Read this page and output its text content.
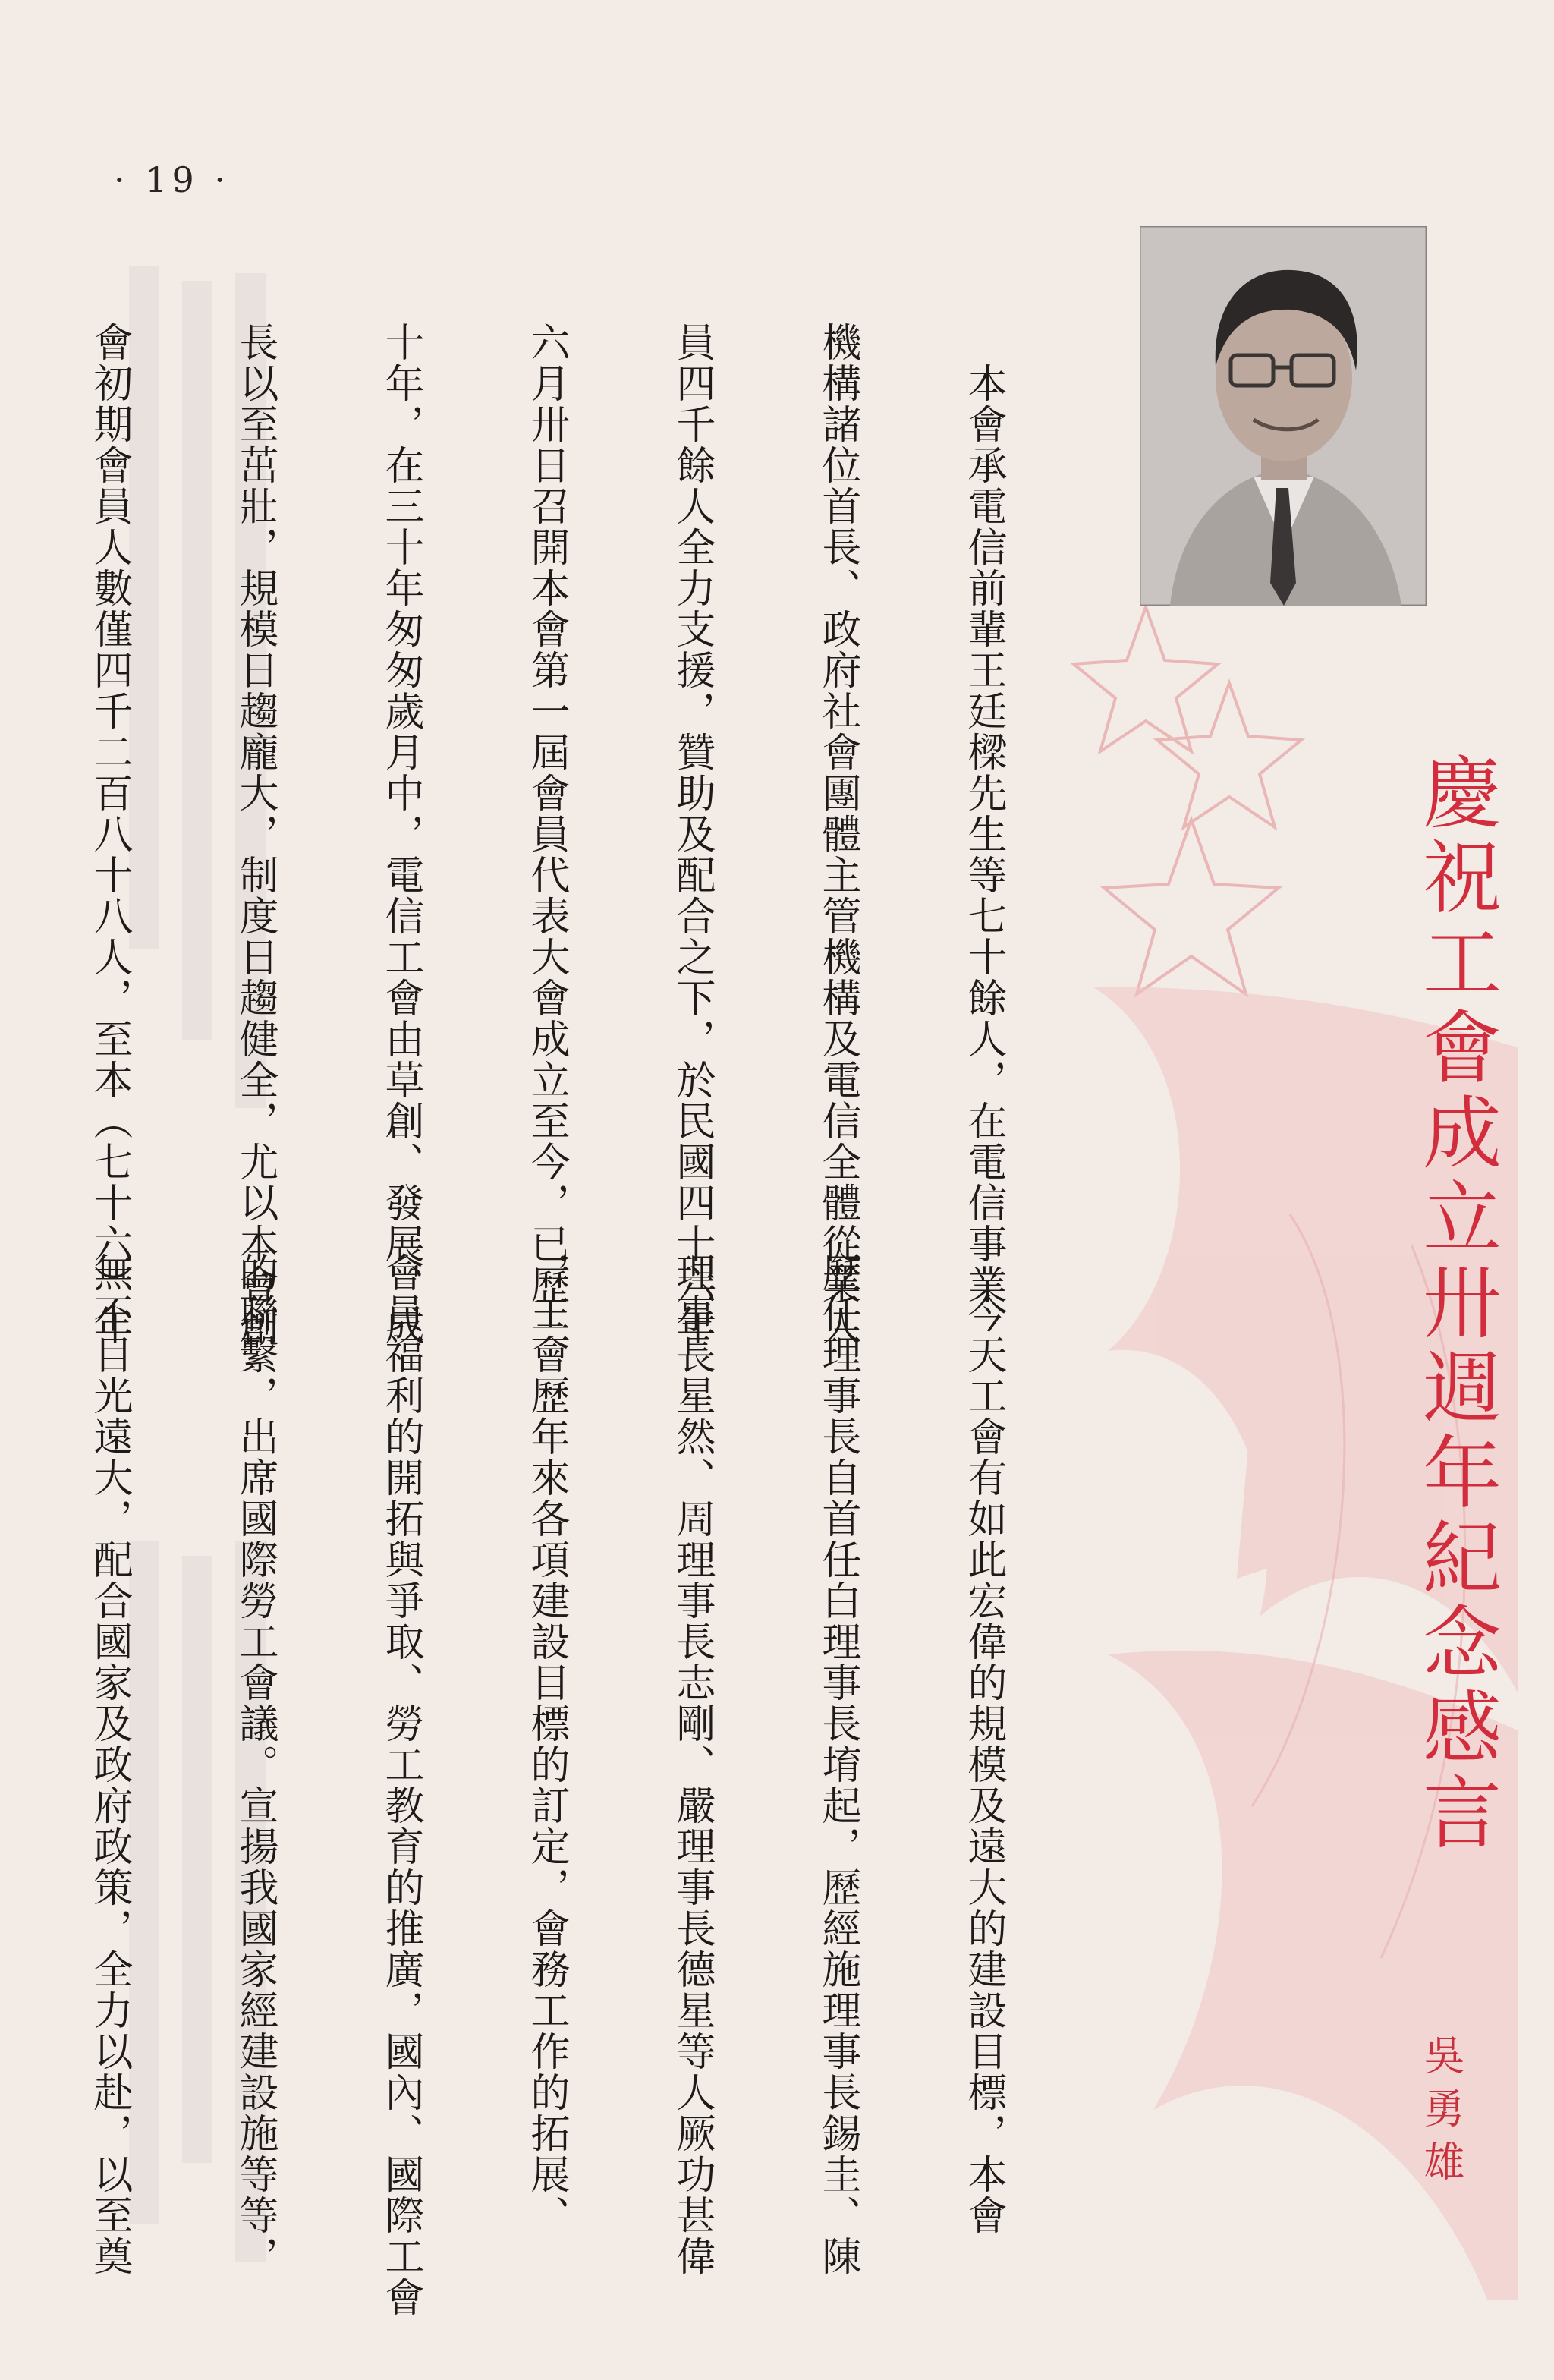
· 19 ·

　本會承電信前輩王廷樑先生等七十餘人，在電信事業

機構諸位首長、政府社會團體主管機構及電信全體從業人

員四千餘人全力支援，贊助及配合之下，於民國四十六年

六月卅日召開本會第一屆會員代表大會成立至今，已歷三

十年，在三十年匆匆歲月中，電信工會由草創、發展、成

長以至茁壯，規模日趨龐大，制度日趨健全，尤以本會創

會初期會員人數僅四千二百八十八人，至本（七十六）年

　今天工會有如此宏偉的規模及遠大的建設目標，本會

歷任理事長自首任白理事長堉起，歷經施理事長錫圭、陳

理事長星然、周理事長志剛、嚴理事長德星等人厥功甚偉

，工會歷年來各項建設目標的訂定，會務工作的拓展、

會員福利的開拓與爭取、勞工教育的推廣，國內、國際工會

的聯繫，出席國際勞工會議。宣揚我國家經建設施等等，

無不目光遠大，配合國家及政府政策，全力以赴，以至奠

	慶祝工會成立卅週年紀念感言
吳勇雄
